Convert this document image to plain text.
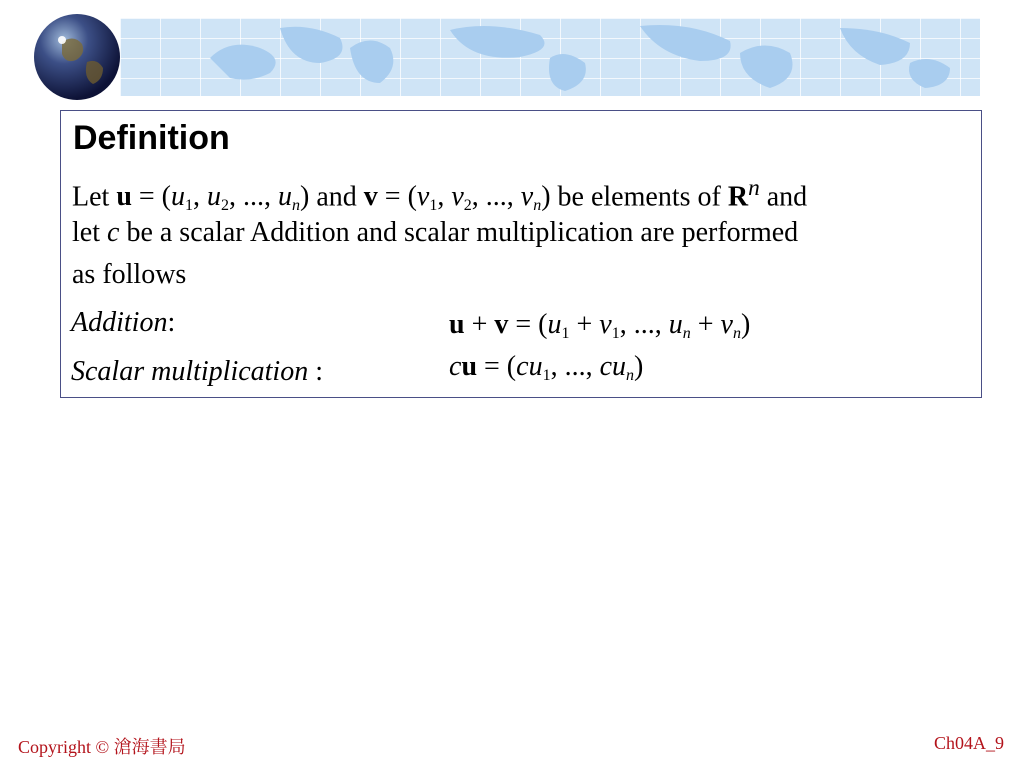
Definition
Let $u = (u_1$, $u_2$, ..., $u_n$) and $v = (v_1$, $v_2$, ..., $v_n$) be elements of $R^n$ and
let c be a scalar Addition and scalar multiplication are performed
as follows
Addition:	$u + v = (u_1 + v_1$, ..., $u_n + v_n$)
Scalar multiplication :	cu = ($cu_1$, ..., $cu_n$)
Copyright © 滄海書局	Ch04A_9
